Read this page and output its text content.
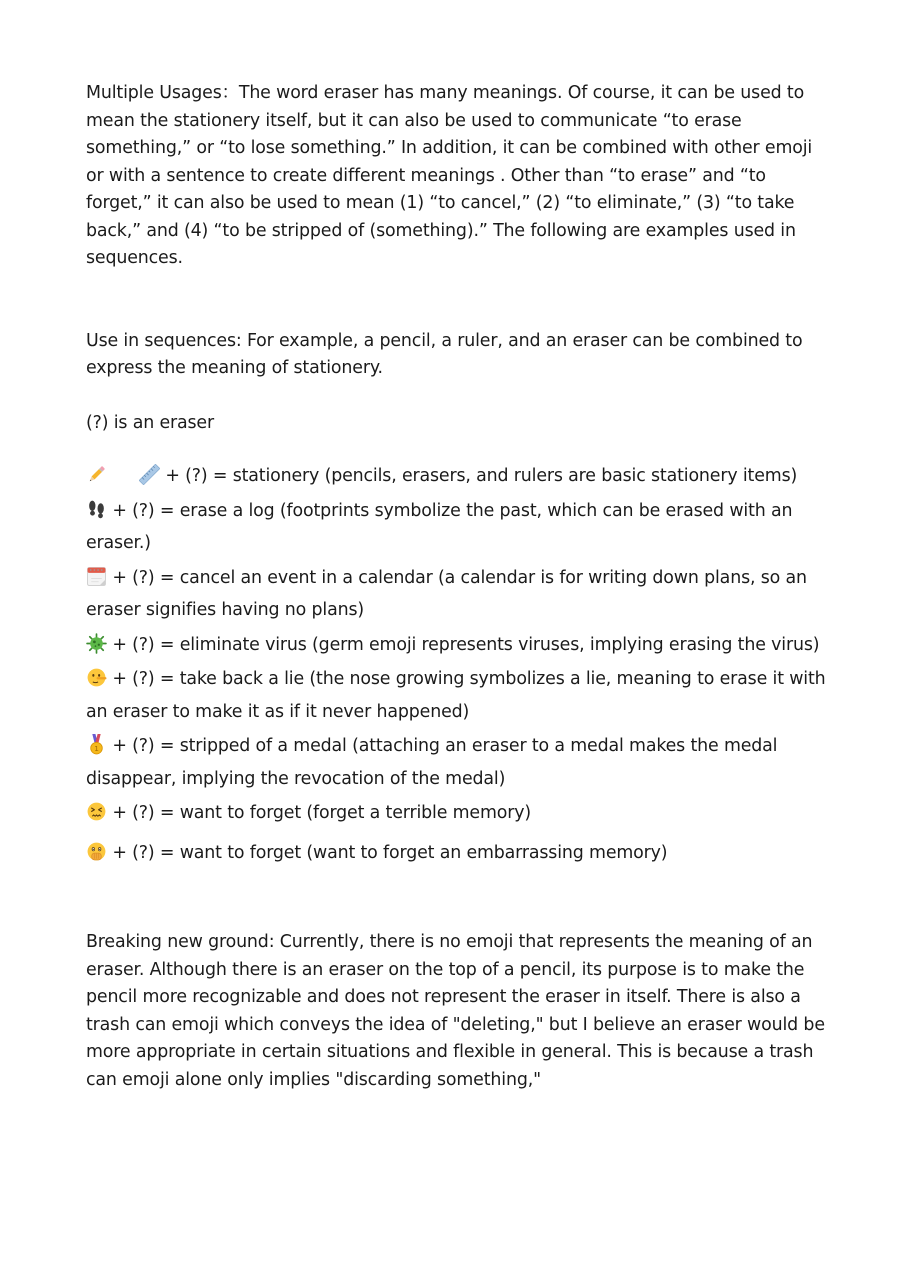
Multiple Usages：The word eraser has many meanings. Of course, it can be used to mean the stationery itself, but it can also be used to communicate “to erase something,” or “to lose something.” In addition, it can be combined with other emoji or with a sentence to create different meanings . Other than “to erase” and “to forget,” it can also be used to mean (1) “to cancel,” (2) “to eliminate,” (3) “to take back,” and (4) “to be stripped of (something).” The following are examples used in sequences.

Use in sequences: For example, a pencil, a ruler, and an eraser can be combined to express the meaning of stationery.

(?) is an eraser

+ (?) = stationery (pencils, erasers, and rulers are basic stationery items)
+ (?) = erase a log (footprints symbolize the past, which can be erased with an eraser.)
+ (?) = cancel an event in a calendar (a calendar is for writing down plans, so an eraser signifies having no plans)
+ (?) = eliminate virus (germ emoji represents viruses, implying erasing the virus)
+ (?) = take back a lie (the nose growing symbolizes a lie, meaning to erase it with an eraser to make it as if it never happened)
1 + (?) = stripped of a medal (attaching an eraser to a medal makes the medal disappear, implying the revocation of the medal)
+ (?) = want to forget (forget a terrible memory)
+ (?) = want to forget (want to forget an embarrassing memory)

Breaking new ground: Currently, there is no emoji that represents the meaning of an eraser. Although there is an eraser on the top of a pencil, its purpose is to make the pencil more recognizable and does not represent the eraser in itself. There is also a trash can emoji which conveys the idea of "deleting," but I believe an eraser would be more appropriate in certain situations and flexible in general. This is because a trash can emoji alone only implies "discarding something,"
